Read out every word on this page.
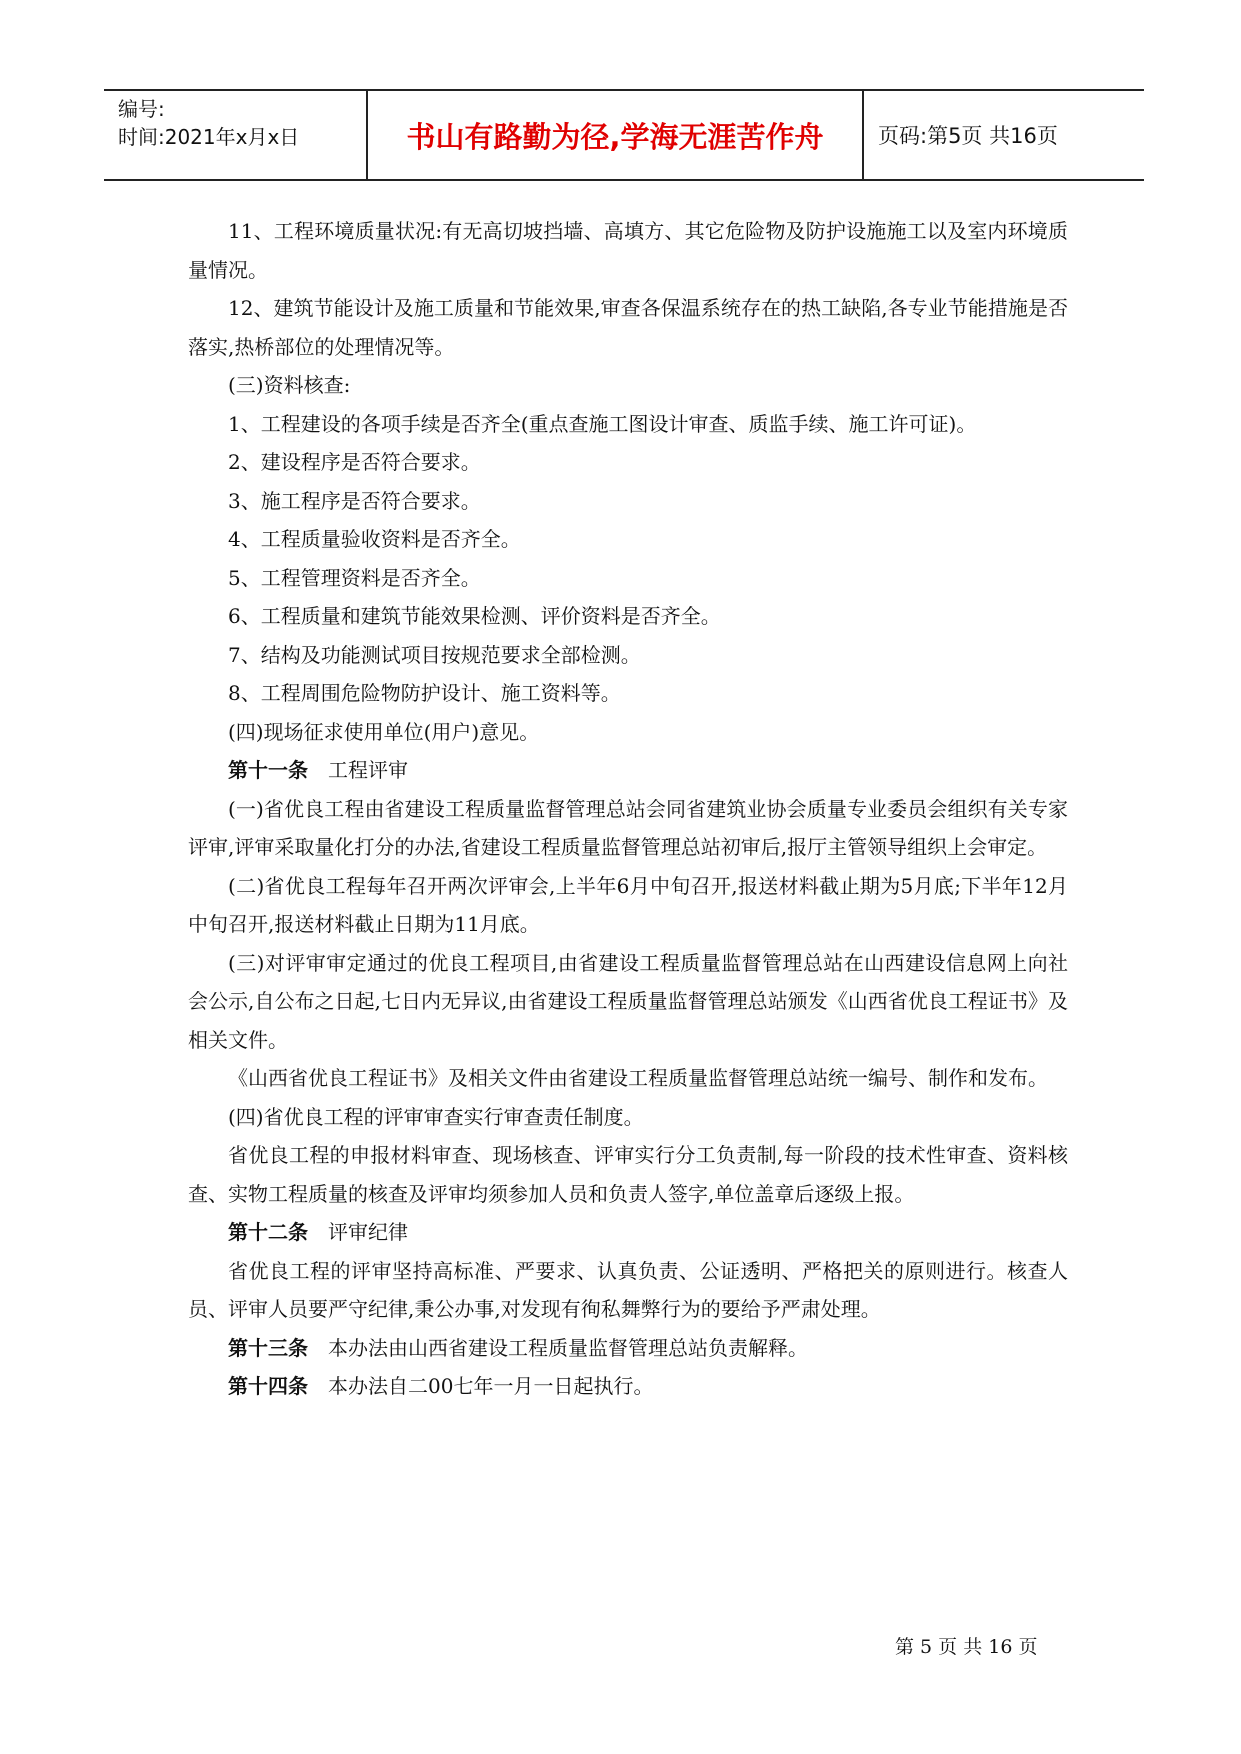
编号:
时间:2021年x月x日	书山有路勤为径,学海无涯苦作舟	页码:第5页 共16页

11、工程环境质量状况:有无高切坡挡墙、高填方、其它危险物及防护设施施工以及室内环境质量情况。

12、建筑节能设计及施工质量和节能效果,审查各保温系统存在的热工缺陷,各专业节能措施是否落实,热桥部位的处理情况等。

(三)资料核查:

1、工程建设的各项手续是否齐全(重点查施工图设计审查、质监手续、施工许可证)。

2、建设程序是否符合要求。

3、施工程序是否符合要求。

4、工程质量验收资料是否齐全。

5、工程管理资料是否齐全。

6、工程质量和建筑节能效果检测、评价资料是否齐全。

7、结构及功能测试项目按规范要求全部检测。

8、工程周围危险物防护设计、施工资料等。

(四)现场征求使用单位(用户)意见。

第十一条 工程评审

(一)省优良工程由省建设工程质量监督管理总站会同省建筑业协会质量专业委员会组织有关专家评审,评审采取量化打分的办法,省建设工程质量监督管理总站初审后,报厅主管领导组织上会审定。

(二)省优良工程每年召开两次评审会,上半年6月中旬召开,报送材料截止期为5月底;下半年12月中旬召开,报送材料截止日期为11月底。

(三)对评审审定通过的优良工程项目,由省建设工程质量监督管理总站在山西建设信息网上向社会公示,自公布之日起,七日内无异议,由省建设工程质量监督管理总站颁发《山西省优良工程证书》及相关文件。

《山西省优良工程证书》及相关文件由省建设工程质量监督管理总站统一编号、制作和发布。

(四)省优良工程的评审审查实行审查责任制度。

省优良工程的申报材料审查、现场核查、评审实行分工负责制,每一阶段的技术性审查、资料核查、实物工程质量的核查及评审均须参加人员和负责人签字,单位盖章后逐级上报。

第十二条 评审纪律

省优良工程的评审坚持高标准、严要求、认真负责、公证透明、严格把关的原则进行。核查人员、评审人员要严守纪律,秉公办事,对发现有徇私舞弊行为的要给予严肃处理。

第十三条 本办法由山西省建设工程质量监督管理总站负责解释。

第十四条 本办法自二00七年一月一日起执行。

第 5 页 共 16 页
